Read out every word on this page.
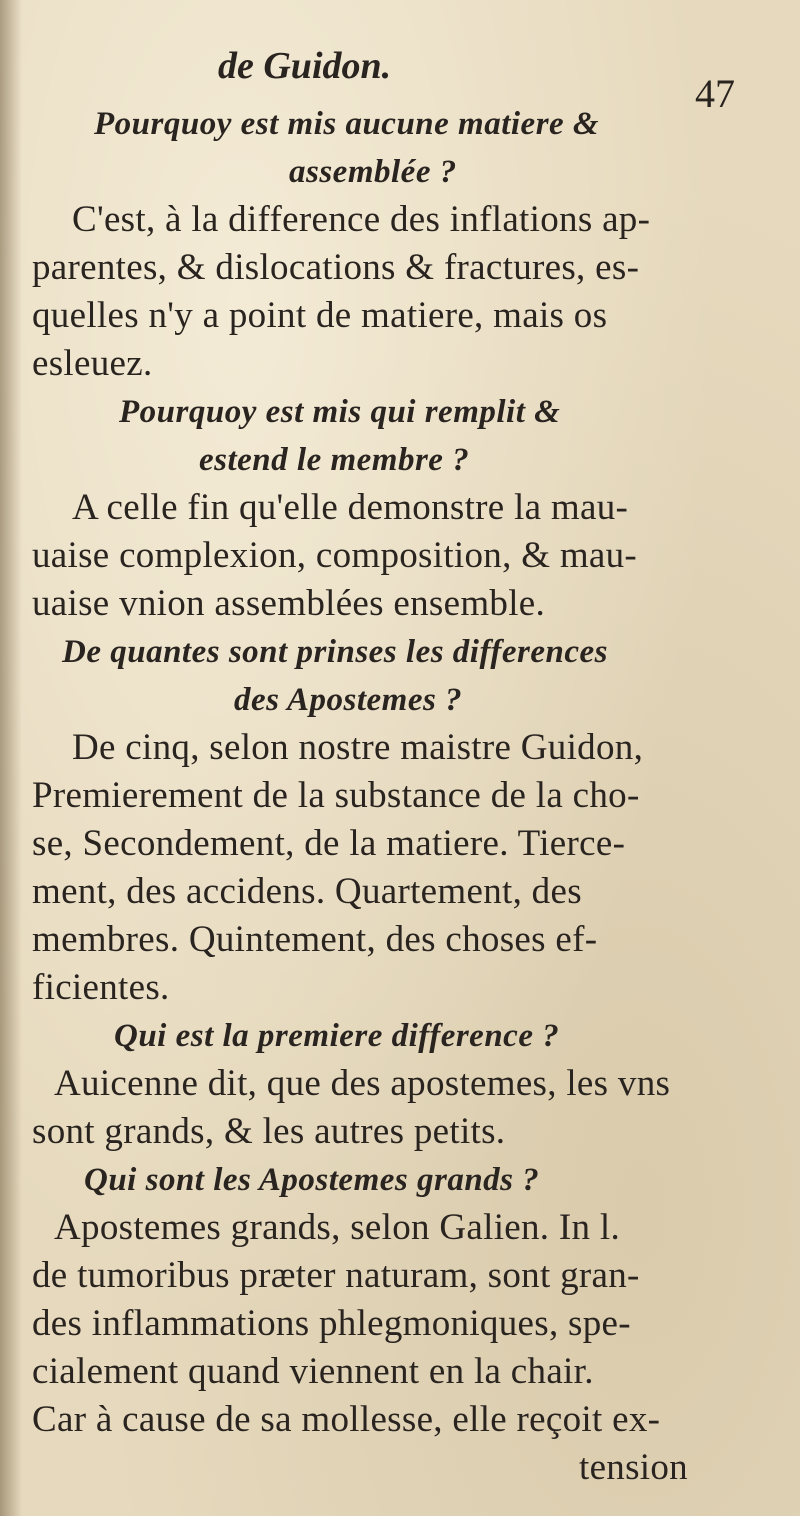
de Guidon.
47
Pourquoy est mis aucune matiere &
assemblée ?
C'est, à la difference des inflations ap-
parentes, & dislocations & fractures, es-
quelles n'y a point de matiere, mais os
esleuez.
Pourquoy est mis qui remplit &
estend le membre ?
A celle fin qu'elle demonstre la mau-
uaise complexion, composition, & mau-
uaise vnion assemblées ensemble.
De quantes sont prinses les differences
des Apostemes ?
De cinq, selon nostre maistre Guidon,
Premierement de la substance de la cho-
se, Secondement, de la matiere. Tierce-
ment, des accidens. Quartement, des
membres. Quintement, des choses ef-
ficientes.
Qui est la premiere difference ?
Auicenne dit, que des apostemes, les vns
sont grands, & les autres petits.
Qui sont les Apostemes grands ?
Apostemes grands, selon Galien. In l.
de tumoribus præter naturam, sont gran-
des inflammations phlegmoniques, spe-
cialement quand viennent en la chair.
Car à cause de sa mollesse, elle reçoit ex-
tension
